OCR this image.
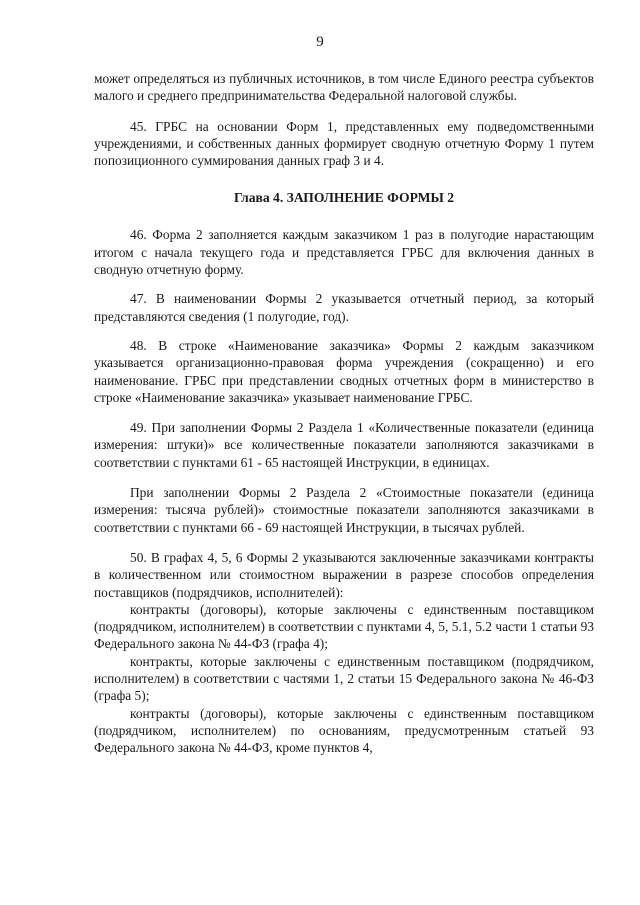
9

может определяться из публичных источников, в том числе Единого реестра субъектов малого и среднего предпринимательства Федеральной налоговой службы.

45. ГРБС на основании Форм 1, представленных ему подведомственными учреждениями, и собственных данных формирует сводную отчетную Форму 1 путем попозиционного суммирования данных граф 3 и 4.

Глава 4. ЗАПОЛНЕНИЕ ФОРМЫ 2

46. Форма 2 заполняется каждым заказчиком 1 раз в полугодие нарастающим итогом с начала текущего года и представляется ГРБС для включения данных в сводную отчетную форму.

47. В наименовании Формы 2 указывается отчетный период, за который представляются сведения (1 полугодие, год).

48. В строке «Наименование заказчика» Формы 2 каждым заказчиком указывается организационно-правовая форма учреждения (сокращенно) и его наименование. ГРБС при представлении сводных отчетных форм в министерство в строке «Наименование заказчика» указывает наименование ГРБС.

49. При заполнении Формы 2 Раздела 1 «Количественные показатели (единица измерения: штуки)» все количественные показатели заполняются заказчиками в соответствии с пунктами 61 - 65 настоящей Инструкции, в единицах.

При заполнении Формы 2 Раздела 2 «Стоимостные показатели (единица измерения: тысяча рублей)» стоимостные показатели заполняются заказчиками в соответствии с пунктами 66 - 69 настоящей Инструкции, в тысячах рублей.

50. В графах 4, 5, 6 Формы 2 указываются заключенные заказчиками контракты в количественном или стоимостном выражении в разрезе способов определения поставщиков (подрядчиков, исполнителей):

контракты (договоры), которые заключены с единственным поставщиком (подрядчиком, исполнителем) в соответствии с пунктами 4, 5, 5.1, 5.2 части 1 статьи 93 Федерального закона № 44-ФЗ (графа 4);

контракты, которые заключены с единственным поставщиком (подрядчиком, исполнителем) в соответствии с частями 1, 2 статьи 15 Федерального закона № 46-ФЗ (графа 5);

контракты (договоры), которые заключены с единственным поставщиком (подрядчиком, исполнителем) по основаниям, предусмотренным статьей 93 Федерального закона № 44-ФЗ, кроме пунктов 4,
